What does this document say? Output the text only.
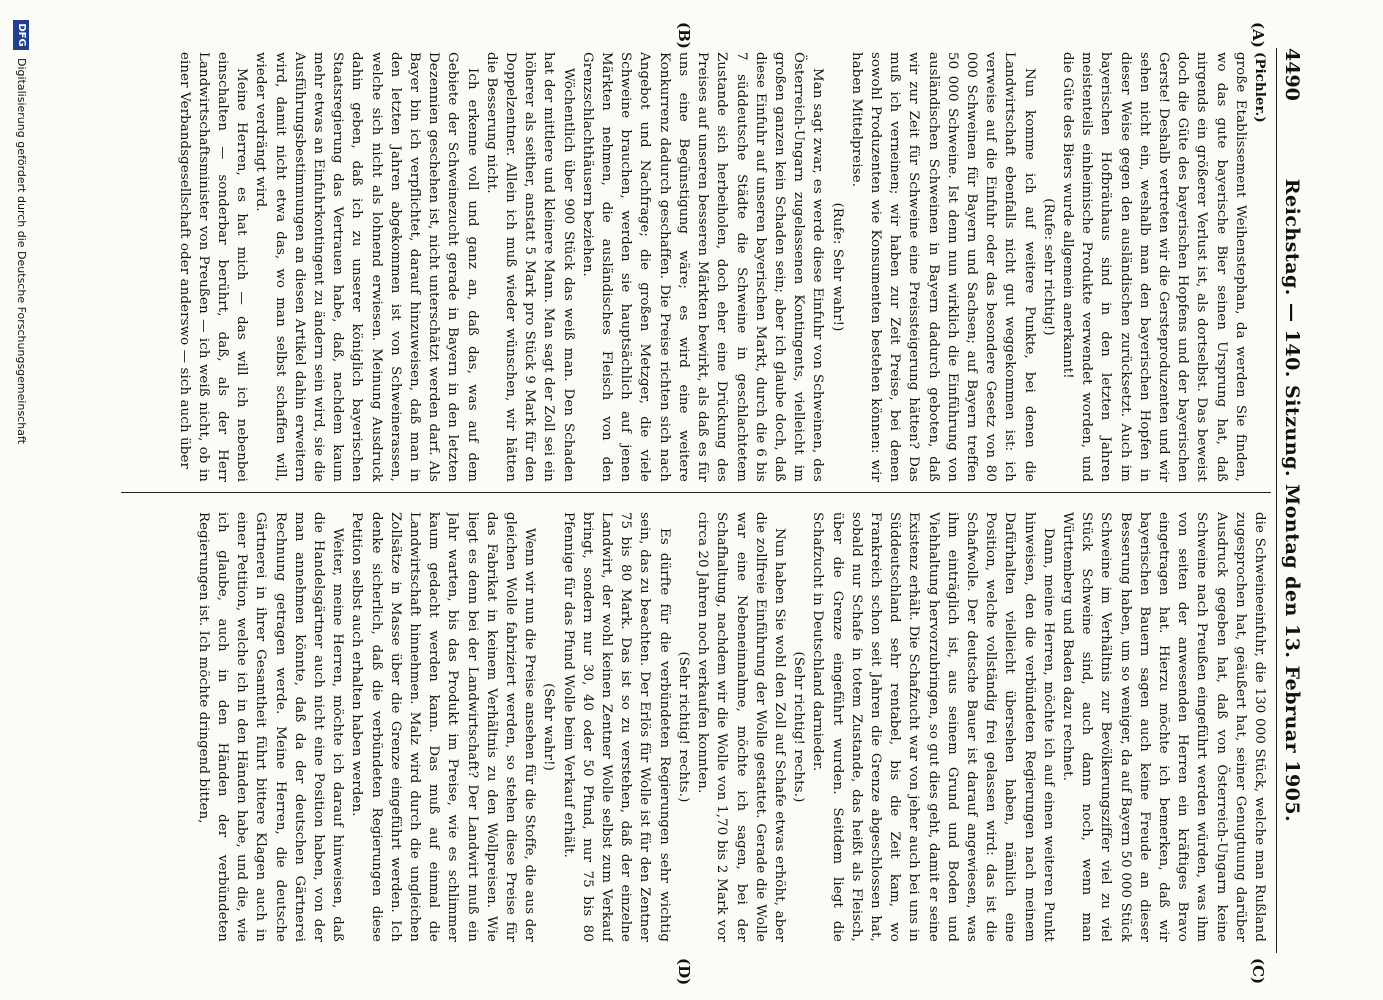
4490
Reichstag. — 140. Sitzung. Montag den 13. Februar 1905.
(A)
(B)
(C)
(D)

(Pichler.)

große Etablissement Weihenstephan, da werden Sie finden, wo das gute bayerische Bier seinen Ursprung hat, daß nirgends ein größerer Verlust ist, als dortselbst. Das beweist doch die Güte des bayerischen Hopfens und der bayerischen Gerste! Deshalb vertreten wir die Gersteproduzenten und wir sehen nicht ein, weshalb man den bayerischen Hopfen in dieser Weise gegen den ausländischen zurücksetzt. Auch im bayerischen Hofbräuhaus sind in den letzten Jahren meistenteils einheimische Produkte verwendet worden, und die Güte des Biers wurde allgemein anerkannt!

(Rufe: sehr richtig!)

Nun komme ich auf weitere Punkte, bei denen die Landwirtschaft ebenfalls nicht gut weggekommen ist: ich verweise auf die Einfuhr oder das besondere Gesetz von 80 000 Schweinen für Bayern und Sachsen; auf Bayern treffen 50 000 Schweine. Ist denn nun wirklich die Einführung von ausländischen Schweinen in Bayern dadurch geboten, daß wir zur Zeit für Schweine eine Preissteigerung hätten? Das muß ich verneinen; wir haben zur Zeit Preise, bei denen sowohl Produzenten wie Konsumenten bestehen können: wir haben Mittelpreise.

(Rufe: Sehr wahr!)

Man sagt zwar, es werde diese Einfuhr von Schweinen, des Österreich-Ungarn zugelassenen Kontingents, vielleicht im großen ganzen kein Schaden sein; aber ich glaube doch, daß diese Einfuhr auf unseren bayerischen Markt, durch die 6 bis 7 süddeutsche Städte die Schweine in geschlachtetem Zustande sich herbeiholen, doch eher eine Drückung des Preises auf unseren besseren Märkten bewirkt, als daß es für uns eine Begünstigung wäre; es wird eine weitere Konkurrenz dadurch geschaffen. Die Preise richten sich nach Angebot und Nachfrage; die großen Metzger, die viele Schweine brauchen, werden sie hauptsächlich auf jenen Märkten nehmen, die ausländisches Fleisch von den Grenzschlachthäusern beziehen.

Wöchentlich über 900 Stück das weiß man. Den Schaden hat der mittlere und kleinere Mann. Man sagt der Zoll sei ein höherer als seither, anstatt 5 Mark pro Stück 9 Mark für den Doppelzentner. Allein ich muß wieder wünschen, wir hätten die Besserung nicht.

Ich erkenne voll und ganz an, daß das, was auf dem Gebiete der Schweinezucht gerade in Bayern in den letzten Dezennien geschehen ist, nicht unterschätzt werden darf. Als Bayer bin ich verpflichtet, darauf hinzuweisen, daß man in den letzten Jahren abgekommen ist von Schweinerassen, welche sich nicht als lohnend erwiesen. Meinung Ausdruck dahin geben, daß ich zu unserer königlich bayerischen Staatsregierung das Vertrauen habe, daß, nachdem kaum mehr etwas an Einfuhrkontingent zu ändern sein wird, sie die Ausführungsbestimmungen an diesen Artikel dahin erweitern wird, damit nicht etwa das, wo man selbst schaffen will, wieder verdrängt wird.

Meine Herren, es hat mich — das will ich nebenbei einschalten — sonderbar berührt, daß, als der Herr Landwirtschaftsminister von Preußen — ich weiß nicht, ob in einer Verbandsgesellschaft oder anderswo — sich auch über

die Schweineeinfuhr, die 130 000 Stück, welche man Rußland zugesprochen hat, geäußert hat, seiner Genugtuung darüber Ausdruck gegeben hat, daß von Österreich-Ungarn keine Schweine nach Preußen eingeführt werden würden, was ihm von seiten der anwesenden Herren ein kräftiges Bravo eingetragen hat. Hierzu möchte ich bemerken, daß wir bayerischen Bauern sagen auch keine Freude an dieser Besserung haben, um so weniger, da auf Bayern 50 000 Stück Schweine im Verhältnis zur Bevölkerungsziffer viel zu viel Stück Schweine sind, auch dann noch, wenn man Württemberg und Baden dazu rechnet.

Dann, meine Herren, möchte ich auf einen weiteren Punkt hinweisen, den die verbündeten Regierungen nach meinem Dafürhalten vielleicht übersehen haben, nämlich eine Position, welche vollständig frei gelassen wird: das ist die Schafwolle. Der deutsche Bauer ist darauf angewiesen, was ihm einträglich ist, aus seinem Grund und Boden und Viehhaltung hervorzubringen, so gut dies geht, damit er seine Existenz erhält. Die Schafzucht war von jeher auch bei uns in Süddeutschland sehr rentabel, bis die Zeit kam, wo Frankreich schon seit Jahren die Grenze abgeschlossen hat, sobald nur Schafe in totem Zustande, das heißt als Fleisch, über die Grenze eingeführt wurden. Seitdem liegt die Schafzucht in Deutschland darnieder.

(Sehr richtig! rechts.)

Nun haben Sie wohl den Zoll auf Schafe etwas erhöht, aber die zollfreie Einführung der Wolle gestattet. Gerade die Wolle war eine Nebeneinnahme, möchte ich sagen, bei der Schafhaltung, nachdem wir die Wolle von 1,70 bis 2 Mark vor circa 20 Jahren noch verkaufen konnten.

(Sehr richtig! rechts.)

Es dürfte für die verbündeten Regierungen sehr wichtig sein, das zu beachten. Der Erlös für Wolle ist für den Zentner 75 bis 80 Mark. Das ist so zu verstehen, daß der einzelne Landwirt, der wohl keinen Zentner Wolle selbst zum Verkauf bringt, sondern nur 30, 40 oder 50 Pfund, nur 75 bis 80 Pfennige für das Pfund Wolle beim Verkauf erhält.

(Sehr wahr!)

Wenn wir nun die Preise ansehen für die Stoffe, die aus der gleichen Wolle fabriziert werden, so stehen diese Preise für das Fabrikat in keinem Verhältnis zu den Wollpreisen. Wie liegt es denn bei der Landwirtschaft? Der Landwirt muß ein Jahr warten, bis das Produkt im Preise, wie es schlimmer kaum gedacht werden kann. Das muß auf einmal die Landwirtschaft hinnehmen. Malz wird durch die ungleichen Zollsätze in Masse über die Grenze eingeführt werden. Ich denke sicherlich, daß die verbündeten Regierungen diese Petition selbst auch erhalten haben werden.

Weiter, meine Herren, möchte ich darauf hinweisen, daß die Handelsgärtner auch nicht eine Position haben, von der man annehmen könnte, daß da der deutschen Gärtnerei Rechnung getragen werde. Meine Herren, die deutsche Gärtnerei in ihrer Gesamtheit führt bittere Klagen auch in einer Petition, welche ich in den Händen habe, und die, wie ich glaube, auch in den Händen der verbündeten Regierungen ist. Ich möchte dringend bitten,

DFG
Digitalisierung gefördert durch die Deutsche Forschungsgemeinschaft
